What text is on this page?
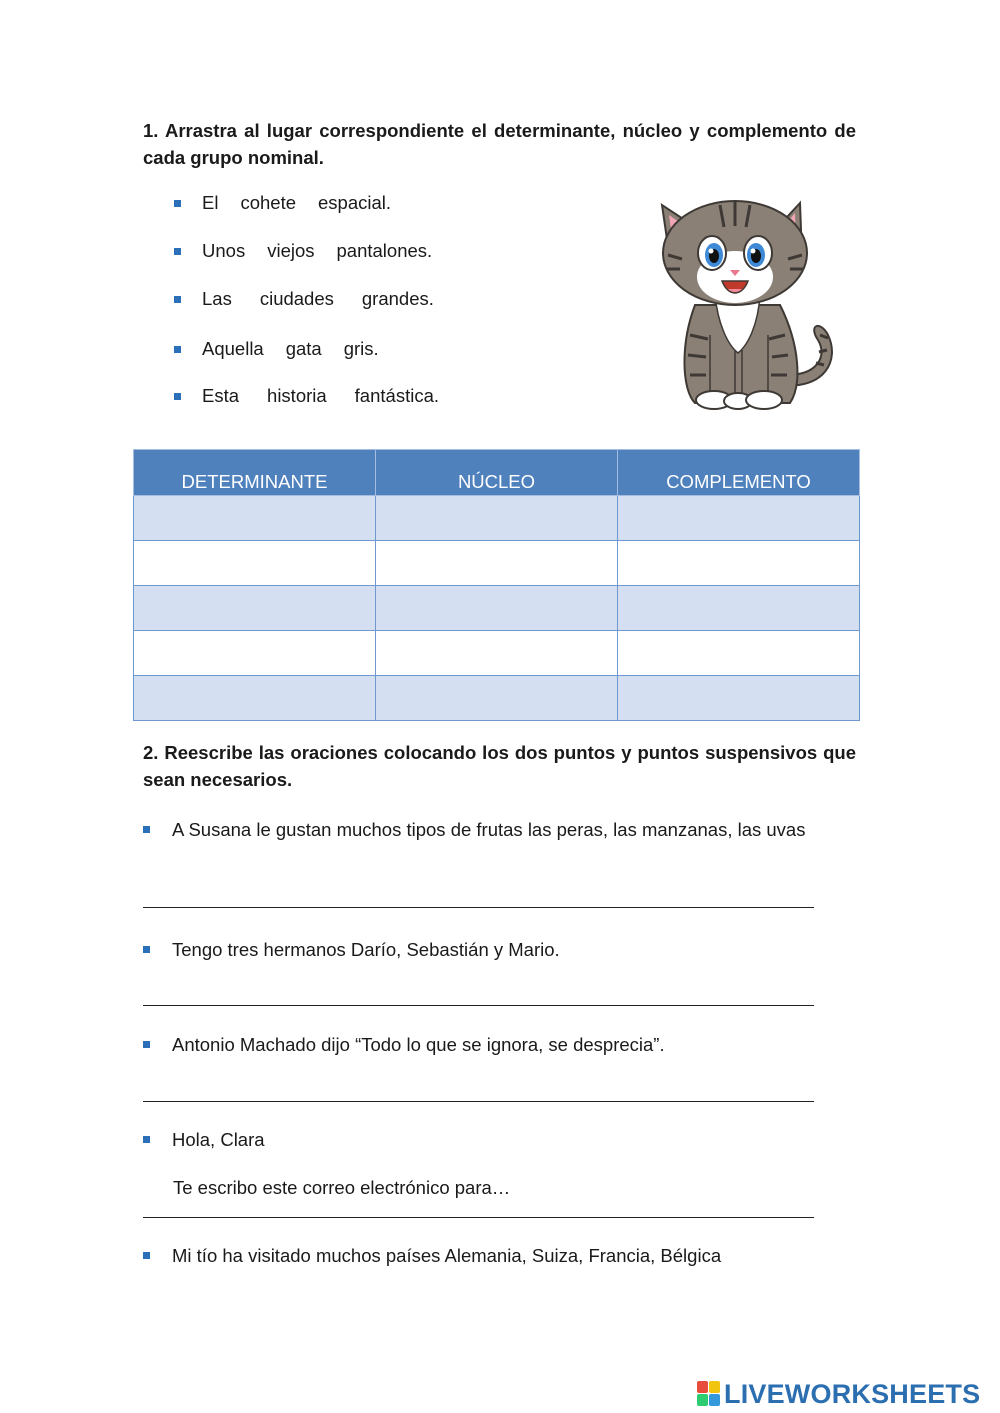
1. Arrastra al lugar correspondiente el determinante, núcleo y complemento de cada grupo nominal.
El cohete espacial.
Unos viejos pantalones.
Las ciudades grandes.
Aquella gata gris.
Esta historia fantástica.
DETERMINANTE	NÚCLEO	COMPLEMENTO

2. Reescribe las oraciones colocando los dos puntos y puntos suspensivos que sean necesarios.
A Susana le gustan muchos tipos de frutas las peras, las manzanas, las uvas
Tengo tres hermanos Darío, Sebastián y Mario.
Antonio Machado dijo “Todo lo que se ignora, se desprecia”.
Hola, Clara
Te escribo este correo electrónico para…
Mi tío ha visitado muchos países Alemania, Suiza, Francia, Bélgica
LIVEWORKSHEETS
